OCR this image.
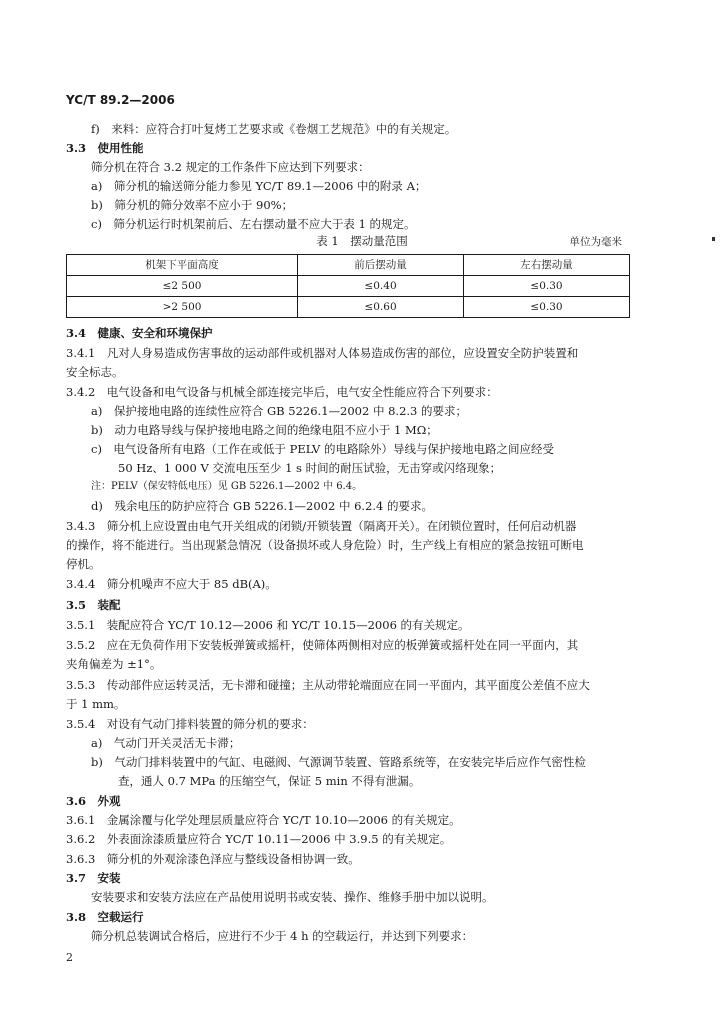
YC/T 89.2—2006
f)　来料：应符合打叶复烤工艺要求或《卷烟工艺规范》中的有关规定。
3.3　使用性能
筛分机在符合 3.2 规定的工作条件下应达到下列要求：
a)　筛分机的输送筛分能力参见 YC/T 89.1—2006 中的附录 A；
b)　筛分机的筛分效率不应小于 90%；
c)　筛分机运行时机架前后、左右摆动量不应大于表 1 的规定。
表 1　摆动量范围	单位为毫米
机架下平面高度	前后摆动量	左右摆动量
≤2 500	≤0.40	≤0.30
>2 500	≤0.60	≤0.30
3.4　健康、安全和环境保护
3.4.1　凡对人身易造成伤害事故的运动部件或机器对人体易造成伤害的部位，应设置安全防护装置和
安全标志。
3.4.2　电气设备和电气设备与机械全部连接完毕后，电气安全性能应符合下列要求：
a)　保护接地电路的连续性应符合 GB 5226.1—2002 中 8.2.3 的要求；
b)　动力电路导线与保护接地电路之间的绝缘电阻不应小于 1 MΩ；
c)　电气设备所有电路（工作在或低于 PELV 的电路除外）导线与保护接地电路之间应经受
50 Hz、1 000 V 交流电压至少 1 s 时间的耐压试验，无击穿或闪络现象；
注：PELV（保安特低电压）见 GB 5226.1—2002 中 6.4。
d)　残余电压的防护应符合 GB 5226.1—2002 中 6.2.4 的要求。
3.4.3　筛分机上应设置由电气开关组成的闭锁/开锁装置（隔离开关）。在闭锁位置时，任何启动机器
的操作，将不能进行。当出现紧急情况（设备损坏或人身危险）时，生产线上有相应的紧急按钮可断电
停机。
3.4.4　筛分机噪声不应大于 85 dB(A)。
3.5　装配
3.5.1　装配应符合 YC/T 10.12—2006 和 YC/T 10.15—2006 的有关规定。
3.5.2　应在无负荷作用下安装板弹簧或摇杆，使筛体两侧相对应的板弹簧或摇杆处在同一平面内，其
夹角偏差为 ±1°。
3.5.3　传动部件应运转灵活，无卡滞和碰撞；主从动带轮端面应在同一平面内，其平面度公差值不应大
于 1 mm。
3.5.4　对设有气动门排料装置的筛分机的要求：
a)　气动门开关灵活无卡滞；
b)　气动门排料装置中的气缸、电磁阀、气源调节装置、管路系统等，在安装完毕后应作气密性检
查，通人 0.7 MPa 的压缩空气，保证 5 min 不得有泄漏。
3.6　外观
3.6.1　金属涂覆与化学处理层质量应符合 YC/T 10.10—2006 的有关规定。
3.6.2　外表面涂漆质量应符合 YC/T 10.11—2006 中 3.9.5 的有关规定。
3.6.3　筛分机的外观涂漆色泽应与整线设备相协调一致。
3.7　安装
安装要求和安装方法应在产品使用说明书或安装、操作、维修手册中加以说明。
3.8　空载运行
筛分机总装调试合格后，应进行不少于 4 h 的空载运行，并达到下列要求：
2
